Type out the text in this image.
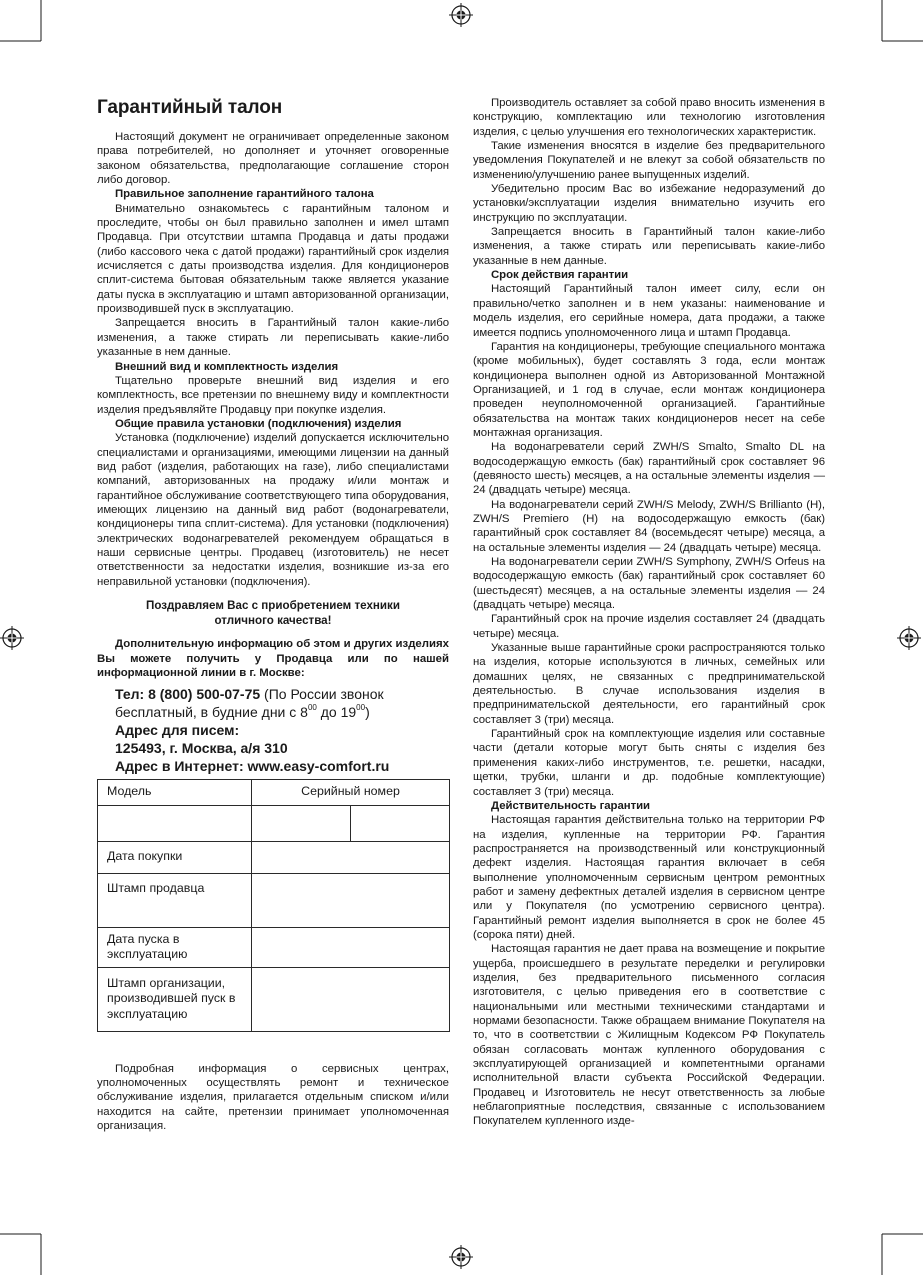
Гарантийный талон

Настоящий документ не ограничивает определенные законом права потребителей, но дополняет и уточняет оговоренные законом обязательства, предполагающие соглашение сторон либо договор.

Правильное заполнение гарантийного талона

Внимательно ознакомьтесь с гарантийным талоном и проследите, чтобы он был правильно заполнен и имел штамп Продавца. При отсутствии штампа Продавца и даты продажи (либо кассового чека с датой продажи) гарантийный срок изделия исчисляется с даты производства изделия. Для кондиционеров сплит-система бытовая обязательным также является указание даты пуска в эксплуатацию и штамп авторизованной организации, производившей пуск в эксплуатацию.

Запрещается вносить в Гарантийный талон какие-либо изменения, а также стирать ли переписывать какие-либо указанные в нем данные.

Внешний вид и комплектность изделия

Тщательно проверьте внешний вид изделия и его комплектность, все претензии по внешнему виду и комплектности изделия предъявляйте Продавцу при покупке изделия.

Общие правила установки (подключения) изделия

Установка (подключение) изделий допускается исключительно специалистами и организациями, имеющими лицензии на данный вид работ (изделия, работающих на газе), либо специалистами компаний, авторизованных на продажу и/или монтаж и гарантийное обслуживание соответствующего типа оборудования, имеющих лицензию на данный вид работ (водонагреватели, кондиционеры типа сплит-система). Для установки (подключения) электрических водонагревателей рекомендуем обращаться в наши сервисные центры. Продавец (изготовитель) не несет ответственности за недостатки изделия, возникшие из-за его неправильной установки (подключения).

Поздравляем Вас с приобретением техники
отличного качества!

Дополнительную информацию об этом и других изделиях Вы можете получить у Продавца или по нашей информационной линии в г. Москве:

Тел: 8 (800) 500-07-75 (По России звонок бесплатный, в будние дни с $8^{00}$ до $19^{00}$)
Адрес для писем:
125493, г. Москва, а/я 310
Адрес в Интернет: www.easy-comfort.ru
Модель	Серийный номер	

Дата покупки		
Штамп продавца		
Дата пуска в эксплуатацию		
Штамп организации, производившей пуск в эксплуатацию		

Подробная информация о сервисных центрах, уполномоченных осуществлять ремонт и техническое обслуживание изделия, прилагается отдельным списком и/или находится на сайте, претензии принимает уполномоченная организация.

Производитель оставляет за собой право вносить изменения в конструкцию, комплектацию или технологию изготовления изделия, с целью улучшения его технологических характеристик.

Такие изменения вносятся в изделие без предварительного уведомления Покупателей и не влекут за собой обязательств по изменению/улучшению ранее выпущенных изделий.

Убедительно просим Вас во избежание недоразумений до установки/эксплуатации изделия внимательно изучить его инструкцию по эксплуатации.

Запрещается вносить в Гарантийный талон какие-либо изменения, а также стирать или переписывать какие-либо указанные в нем данные.

Срок действия гарантии

Настоящий Гарантийный талон имеет силу, если он правильно/четко заполнен и в нем указаны: наименование и модель изделия, его серийные номера, дата продажи, а также имеется подпись уполномоченного лица и штамп Продавца.

Гарантия на кондиционеры, требующие специального монтажа (кроме мобильных), будет составлять 3 года, если монтаж кондиционера выполнен одной из Авторизованной Монтажной Организацией, и 1 год в случае, если монтаж кондиционера проведен неуполномоченной организацией. Гарантийные обязательства на монтаж таких кондиционеров несет на себе монтажная организация.

На водонагреватели серий ZWH/S Smalto, Smalto DL на водосодержащую емкость (бак) гарантийный срок составляет 96 (девяносто шесть) месяцев, а на остальные элементы изделия — 24 (двадцать четыре) месяца.

На водонагреватели серий ZWH/S Melody, ZWH/S Brillianto (H), ZWH/S Premiero (H) на водосодержащую емкость (бак) гарантийный срок составляет 84 (восемьдесят четыре) месяца, а на остальные элементы изделия — 24 (двадцать четыре) месяца.

На водонагреватели серии ZWH/S Symphony, ZWH/S Orfeus на водосодержащую емкость (бак) гарантийный срок составляет 60 (шестьдесят) месяцев, а на остальные элементы изделия — 24 (двадцать четыре) месяца.

Гарантийный срок на прочие изделия составляет 24 (двадцать четыре) месяца.

Указанные выше гарантийные сроки распространяются только на изделия, которые используются в личных, семейных или домашних целях, не связанных с предпринимательской деятельностью. В случае использования изделия в предпринимательской деятельности, его гарантийный срок составляет 3 (три) месяца.

Гарантийный срок на комплектующие изделия или составные части (детали которые могут быть сняты с изделия без применения каких-либо инструментов, т.е. решетки, насадки, щетки, трубки, шланги и др. подобные комплектующие) составляет 3 (три) месяца.

Действительность гарантии

Настоящая гарантия действительна только на территории РФ на изделия, купленные на территории РФ. Гарантия распространяется на производственный или конструкционный дефект изделия. Настоящая гарантия включает в себя выполнение уполномоченным сервисным центром ремонтных работ и замену дефектных деталей изделия в сервисном центре или у Покупателя (по усмотрению сервисного центра). Гарантийный ремонт изделия выполняется в срок не более 45 (сорока пяти) дней.

Настоящая гарантия не дает права на возмещение и покрытие ущерба, происшедшего в результате переделки и регулировки изделия, без предварительного письменного согласия изготовителя, с целью приведения его в соответствие с национальными или местными техническими стандартами и нормами безопасности. Также обращаем внимание Покупателя на то, что в соответствии с Жилищным Кодексом РФ Покупатель обязан согласовать монтаж купленного оборудования с эксплуатирующей организацией и компетентными органами исполнительной власти субъекта Российской Федерации. Продавец и Изготовитель не несут ответственность за любые неблагоприятные последствия, связанные с использованием Покупателем купленного изде-
